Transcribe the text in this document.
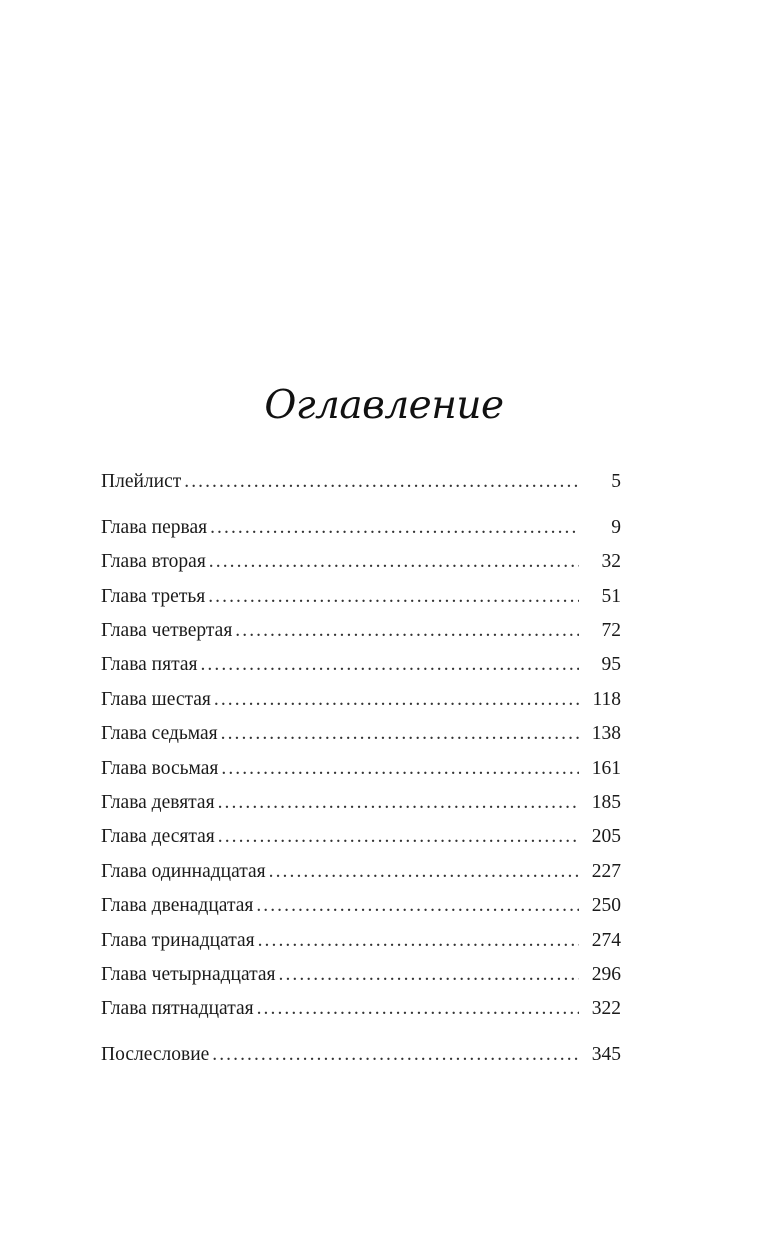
Оглавление
Плейлист . . .	5
Глава первая . . .	9
Глава вторая . . .	32
Глава третья . . .	51
Глава четвертая . . .	72
Глава пятая . . .	95
Глава шестая . . .	118
Глава седьмая . . .	138
Глава восьмая . . .	161
Глава девятая . . .	185
Глава десятая . . .	205
Глава одиннадцатая . . .	227
Глава двенадцатая . . .	250
Глава тринадцатая . . .	274
Глава четырнадцатая . . .	296
Глава пятнадцатая . . .	322
Послесловие . . .	345
